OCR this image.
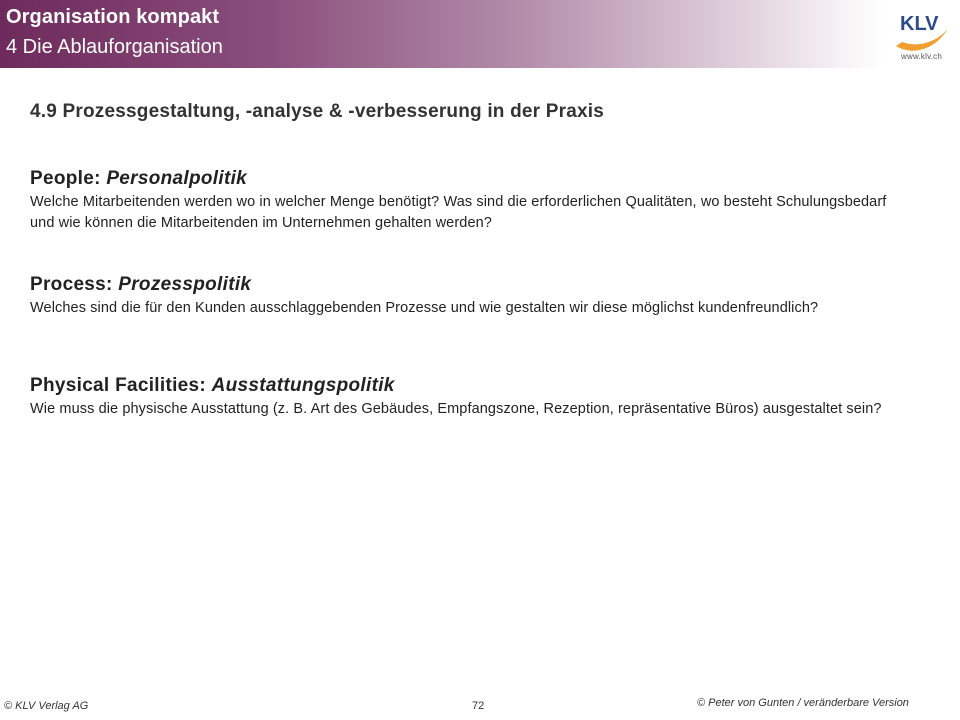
Organisation kompakt
4 Die Ablauforganisation
KLV
www.klv.ch
4.9 Prozessgestaltung, -analyse & -verbesserung in der Praxis
People: Personalpolitik
Welche Mitarbeitenden werden wo in welcher Menge benötigt? Was sind die erforderlichen Qualitäten, wo besteht Schulungsbedarf und wie können die Mitarbeitenden im Unternehmen gehalten werden?
Process: Prozesspolitik
Welches sind die für den Kunden ausschlaggebenden Prozesse und wie gestalten wir diese möglichst kundenfreundlich?
Physical Facilities: Ausstattungspolitik
Wie muss die physische Ausstattung (z. B. Art des Gebäudes, Empfangszone, Rezeption, repräsentative Büros) ausgestaltet sein?
© KLV Verlag AG	72	© Peter von Gunten / veränderbare Version
